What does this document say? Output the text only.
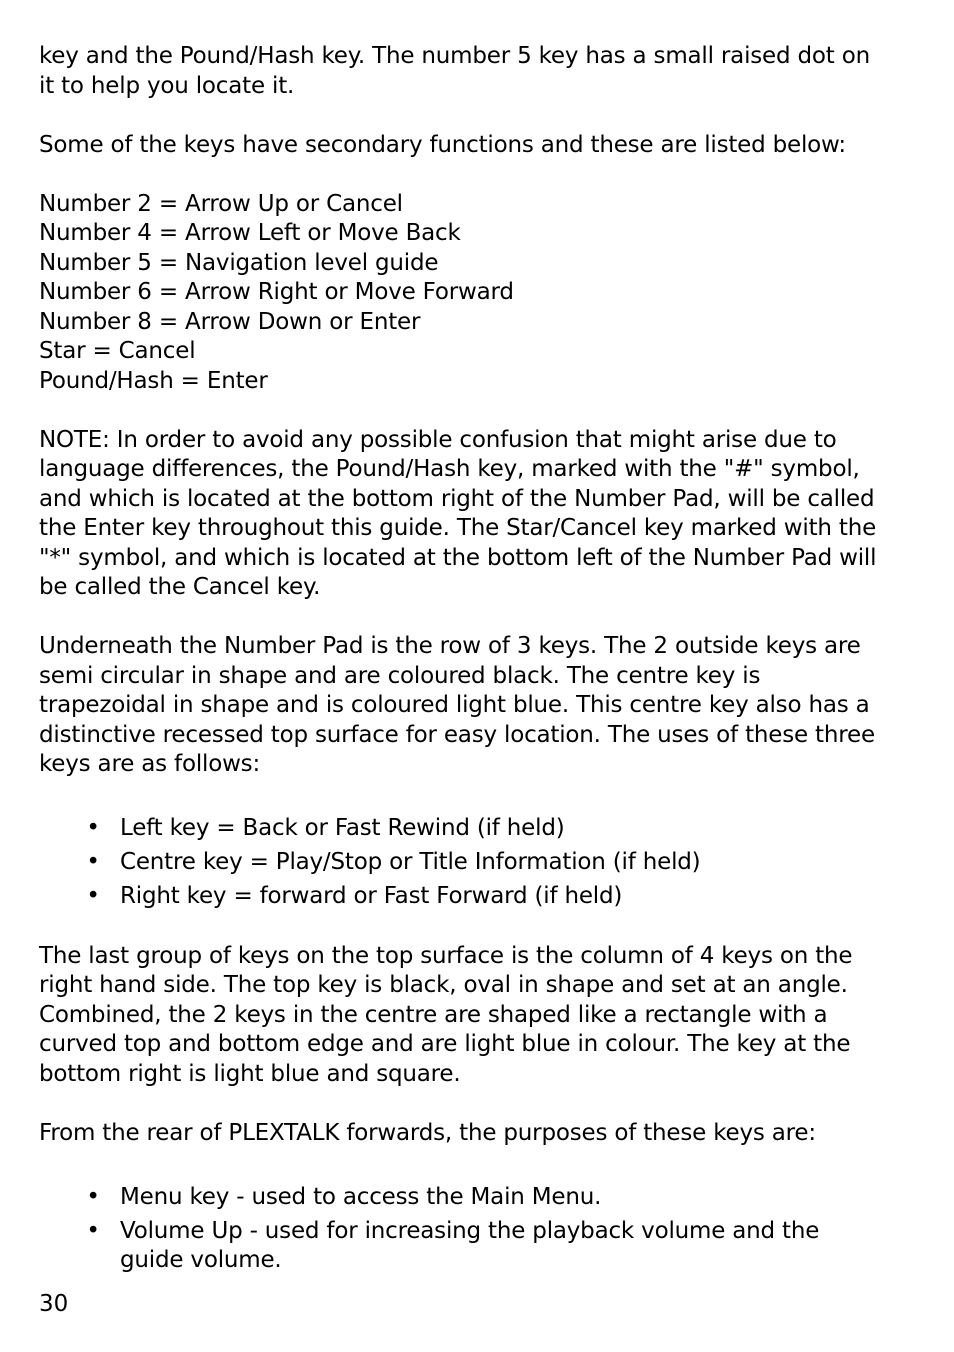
key and the Pound/Hash key. The number 5 key has a small raised dot on
it to help you locate it.

Some of the keys have secondary functions and these are listed below:

Number 2 = Arrow Up or Cancel

Number 4 = Arrow Left or Move Back

Number 5 = Navigation level guide

Number 6 = Arrow Right or Move Forward

Number 8 = Arrow Down or Enter

Star = Cancel

Pound/Hash = Enter

NOTE: In order to avoid any possible confusion that might arise due to

language differences, the Pound/Hash key, marked with the "#" symbol,

and which is located at the bottom right of the Number Pad, will be called

the Enter key throughout this guide. The Star/Cancel key marked with the

"*" symbol, and which is located at the bottom left of the Number Pad will

be called the Cancel key.

Underneath the Number Pad is the row of 3 keys. The 2 outside keys are

semi circular in shape and are coloured black. The centre key is

trapezoidal in shape and is coloured light blue. This centre key also has a

distinctive recessed top surface for easy location. The uses of these three

keys are as follows:

• Left key = Back or Fast Rewind (if held)
• Centre key = Play/Stop or Title Information (if held)
• Right key = forward or Fast Forward (if held)

The last group of keys on the top surface is the column of 4 keys on the

right hand side. The top key is black, oval in shape and set at an angle.

Combined, the 2 keys in the centre are shaped like a rectangle with a

curved top and bottom edge and are light blue in colour. The key at the

bottom right is light blue and square.

From the rear of PLEXTALK forwards, the purposes of these keys are:

• Menu key - used to access the Main Menu.
• Volume Up - used for increasing the playback volume and the
guide volume.
30
